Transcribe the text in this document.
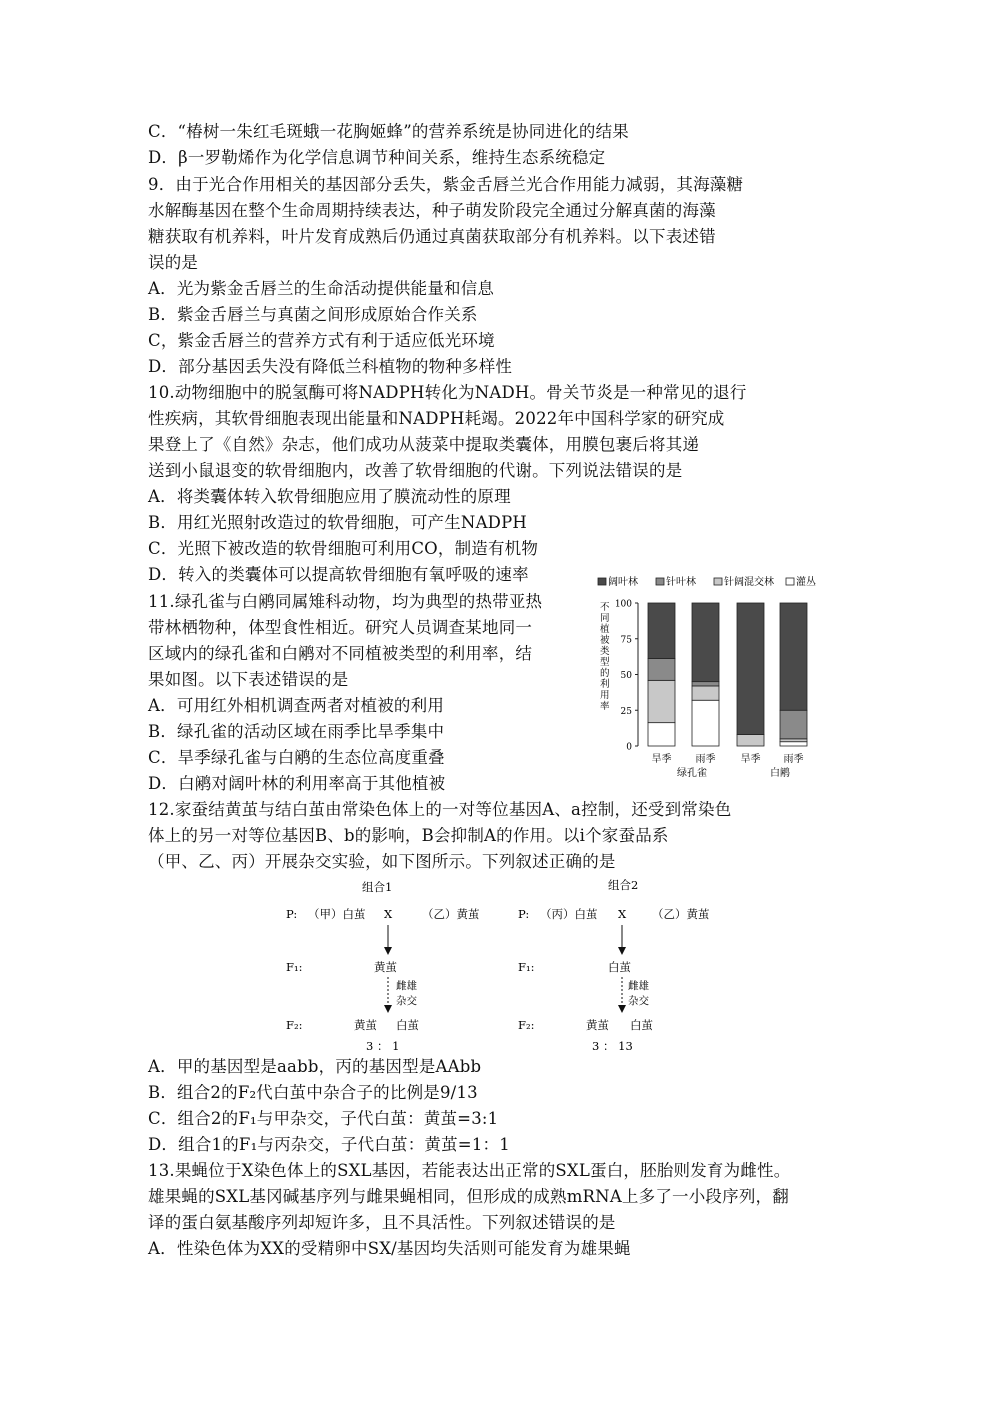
C．“椿树一朱红毛斑蛾一花胸姬蜂”的营养系统是协同进化的结果
D．β一罗勒烯作为化学信息调节种间关系，维持生态系统稳定
9．由于光合作用相关的基因部分丢失，紫金舌唇兰光合作用能力减弱，其海藻糖
水解酶基因在整个生命周期持续表达，种子萌发阶段完全通过分解真菌的海藻
糖获取有机养料，叶片发育成熟后仍通过真菌获取部分有机养料。以下表述错
误的是
A．光为紫金舌唇兰的生命活动提供能量和信息
B．紫金舌唇兰与真菌之间形成原始合作关系
C，紫金舌唇兰的营养方式有利于适应低光环境
D．部分基因丢失没有降低兰科植物的物种多样性
10.动物细胞中的脱氢酶可将NADPH转化为NADH。骨关节炎是一种常见的退行
性疾病，其软骨细胞表现出能量和NADPH耗竭。2022年中国科学家的研究成
果登上了《自然》杂志，他们成功从菠菜中提取类囊体，用膜包裹后将其递
送到小鼠退变的软骨细胞内，改善了软骨细胞的代谢。下列说法错误的是
A．将类囊体转入软骨细胞应用了膜流动性的原理
B．用红光照射改造过的软骨细胞，可产生NADPH
C．光照下被改造的软骨细胞可利用CO，制造有机物
D．转入的类囊体可以提高软骨细胞有氧呼吸的速率
11.绿孔雀与白鹇同属雉科动物，均为典型的热带亚热
带林栖物种，体型食性相近。研究人员调查某地同一
区域内的绿孔雀和白鹇对不同植被类型的利用率，结
果如图。以下表述错误的是
A．可用红外相机调查两者对植被的利用
B．绿孔雀的活动区域在雨季比旱季集中
C．旱季绿孔雀与白鹇的生态位高度重叠
D．白鹇对阔叶林的利用率高于其他植被
12.家蚕结黄茧与结白茧由常染色体上的一对等位基因A、a控制，还受到常染色
体上的另一对等位基因B、b的影响，B会抑制A的作用。以i个家蚕品系
（甲、乙、丙）开展杂交实验，如下图所示。下列叙述正确的是
A．甲的基因型是aabb，丙的基因型是AAbb
B．组合2的F₂代白茧中杂合子的比例是9/13
C．组合2的F₁与甲杂交，子代白茧：黄茧=3:1
D．组合1的F₁与丙杂交，子代白茧：黄茧=1：1
13.果蝇位于X染色体上的SXL基因，若能表达出正常的SXL蛋白，胚胎则发育为雌性。
雄果蝇的SXL基冈碱基序列与雌果蝇相同，但形成的成熟mRNA上多了一小段序列，翻
译的蛋白氨基酸序列却短许多，且不具活性。下列叙述错误的是
A．性染色体为XX的受精卵中SX/基因均失活则可能发育为雄果蝇
阔叶林	针叶林	针阔混交林 灌丛
不
同
植
被
类
型
的
利
用
率
0
25
50
75
100
旱季 雨季	旱季 雨季
绿孔雀	白鹇
组合1
P: （甲）白茧 X	（乙）黄茧
F₁:	黄茧
雌雄
杂交
F₂:	黄茧 白茧
3 ： 1
组合2
P: （丙）白茧 X （乙）黄茧
F₁:	白茧
雌雄
杂交
F₂:	黄茧 白茧
3 ： 13
